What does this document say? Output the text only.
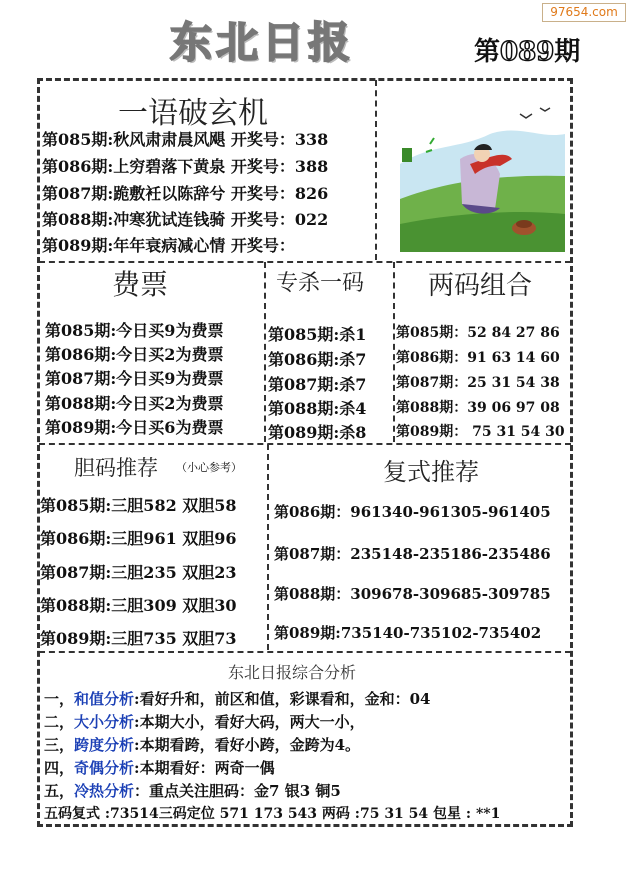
97654.com
东北日报	第089期
一语破玄机
第085期:秋风肃肃晨风飓 开奖号：338
第086期:上穷碧落下黄泉 开奖号：388
第087期:跪敷衽以陈辞兮 开奖号：826
第088期:冲寒犹试连钱骑 开奖号：022
第089期:年年衰病减心情 开奖号：
费票
第085期:今日买9为费票
第086期:今日买2为费票
第087期:今日买9为费票
第088期:今日买2为费票
第089期:今日买6为费票
专杀一码
第085期:杀1
第086期:杀7
第087期:杀7
第088期:杀4
第089期:杀8
两码组合
第085期：52 84 27 86
第086期：91 63 14 60
第087期：25 31 54 38
第088期：39 06 97 08
第089期： 75 31 54 30
胆码推荐 （小心参考）
第085期:三胆582 双胆58
第086期:三胆961 双胆96
第087期:三胆235 双胆23
第088期:三胆309 双胆30
第089期:三胆735 双胆73
复式推荐
第086期：961340-961305-961405
第087期：235148-235186-235486
第088期：309678-309685-309785
第089期:735140-735102-735402
东北日报综合分析
一，和值分析:看好升和，前区和值，彩课看和，金和：04
二，大小分析:本期大小，看好大码，两大一小，
三，跨度分析:本期看跨，看好小跨，金跨为4。
四，奇偶分析:本期看好：两奇一偶
五，冷热分析：重点关注胆码：金7 银3 铜5
五码复式 :73514三码定位 571 173 543 两码 :75 31 54 包星 : **1
